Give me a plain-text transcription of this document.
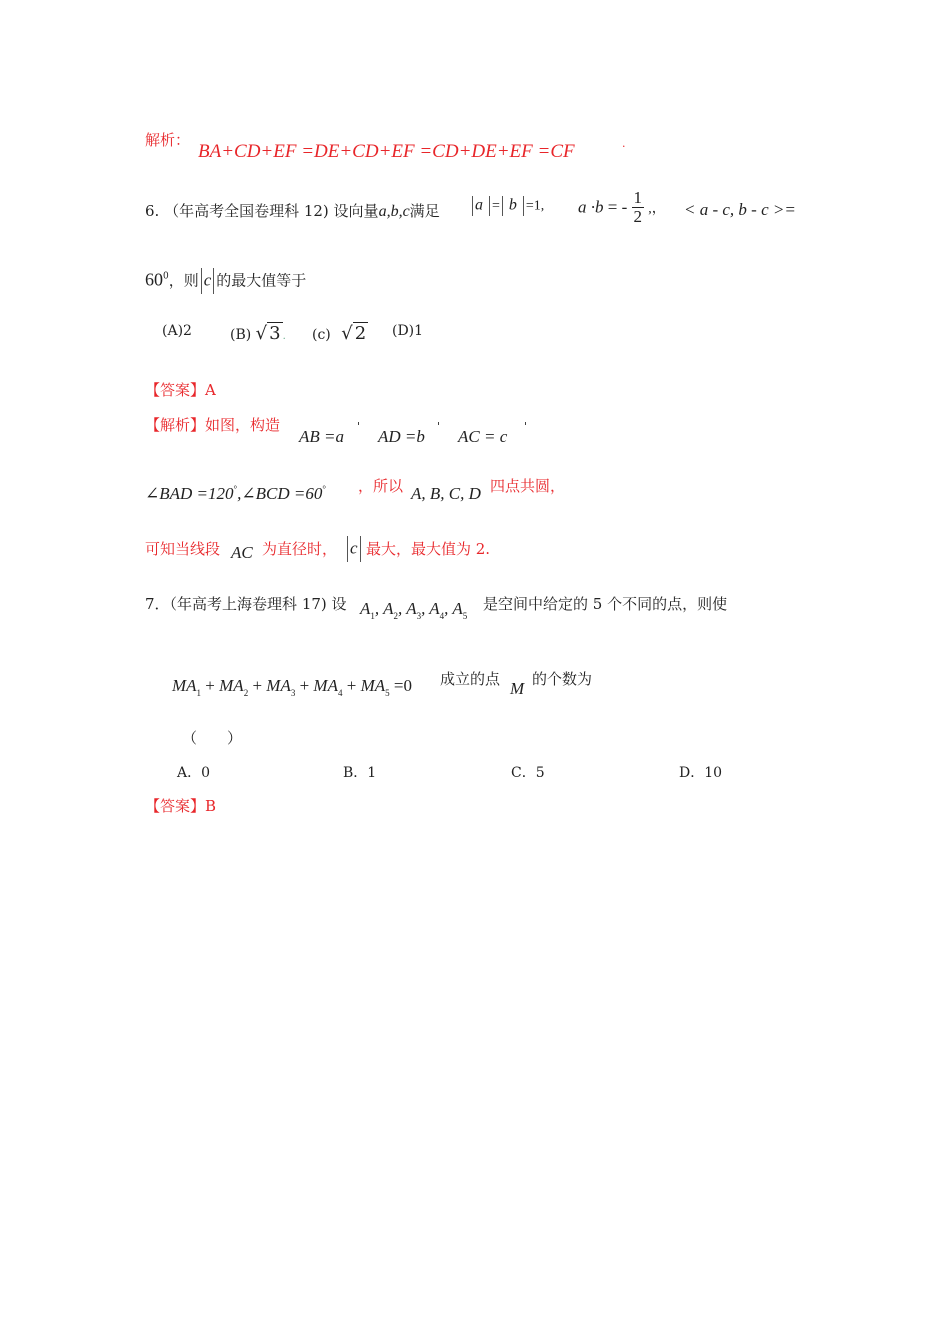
解析：
BA+CD+EF =DE+CD+EF =CD+DE+EF =CF	.
6. （年高考全国卷理科 12) 设向量a,b,c满足	a = b =1, a ·b = - $\frac{1}{2}$ ,， < a - c, b - c >=
$60^0$，则 c 的最大值等于
(A)2	(B) √ 3 . (c) √ 2 (D)1
【答案】A
【解析】如图，构造
AB =a
'
AD =b
'
AC = c
'
∠BAD =120°,∠BCD =60° ，所以 A, B, C, D 四点共圆，
可知当线段 AC 为直径时， c 最大，最大值为 2.
7．（年高考上海卷理科 17) 设 $A_1$, $A_2$, $A_3$, $A_4$, $A_5$
是空间中给定的 5 个不同的点，则使
$MA_1 + MA_2 + MA_3 + MA_4 + MA_5 =0$ 成立的点 M 的个数为
（　　）
A．0	B．1	C．5	D．10
【答案】B
